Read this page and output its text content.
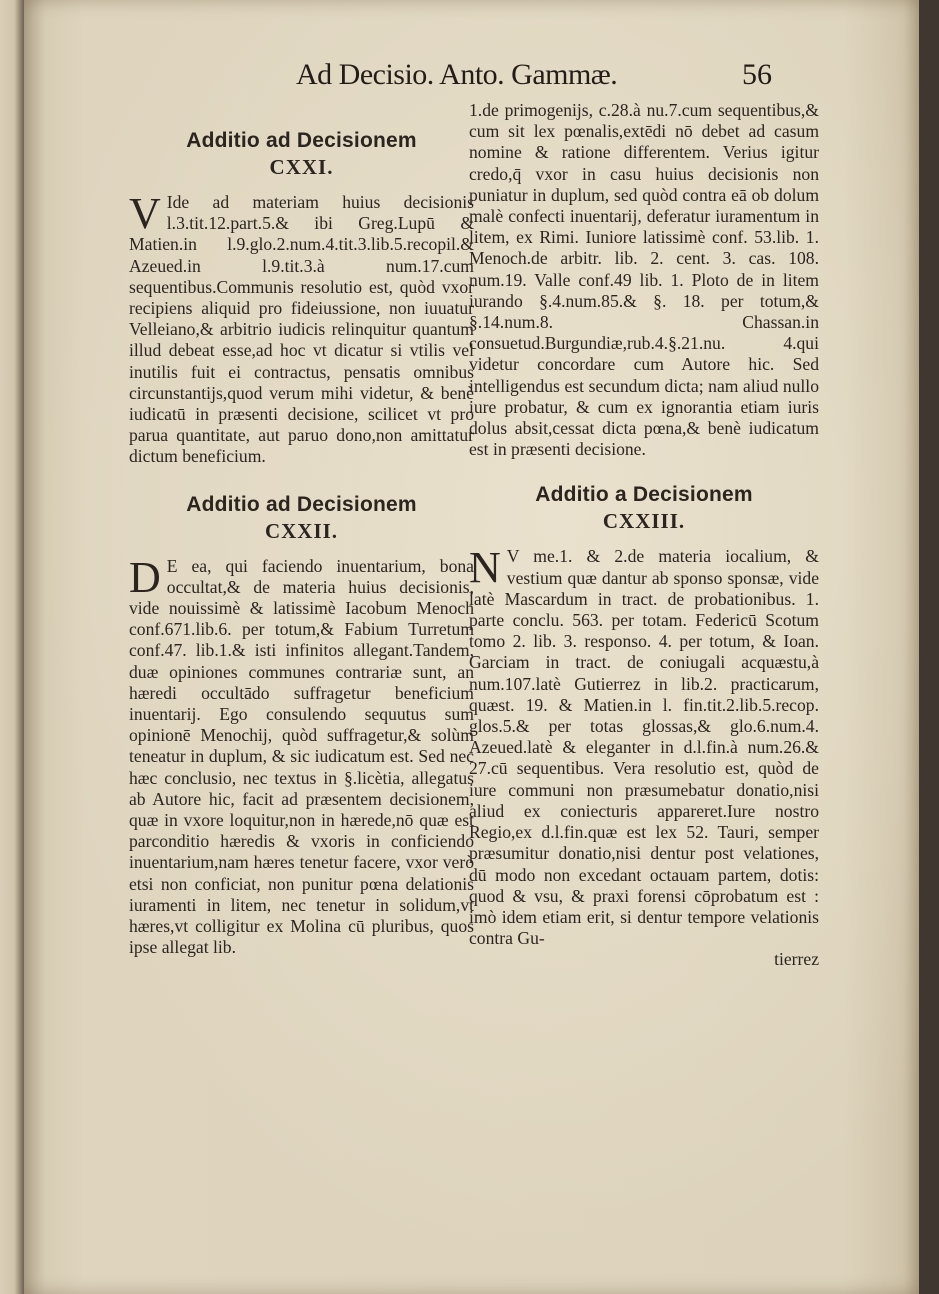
Ad Decisio. Anto. Gammæ.	56
Additio ad Decisionem
CXXI.

V Ide ad materiam huius decisionis l.3.tit.12.part.5.& ibi Greg.Lupū & Matien.in l.9.glo.2.num.4.tit.3.lib.5.recopil.& Azeued.in l.9.tit.3.à num.17.cum sequentibus.Communis resolutio est, quòd vxor recipiens aliquid pro fideiussione, non iuuatur Velleiano,& arbitrio iudicis relinquitur quantum illud debeat esse,ad hoc vt dicatur si vtilis vel inutilis fuit ei contractus, pensatis omnibus circunstantijs,quod verum mihi videtur, & benè iudicatū in præsenti decisione, scilicet vt pro parua quantitate, aut paruo dono,non amittatur dictum beneficium.

Additio ad Decisionem
CXXII.

D E ea, qui faciendo inuentarium, bona occultat,& de materia huius decisionis, vide nouissimè & latissimè Iacobum Menoch conf.671.lib.6. per totum,& Fabium Turretum conf.47. lib.1.& isti infinitos allegant.Tandem, duæ opiniones communes contrariæ sunt, an hæredi occultādo suffragetur beneficium inuentarij. Ego consulendo sequutus sum opinionē Menochij, quòd suffragetur,& solùm teneatur in duplum, & sic iudicatum est. Sed nec hæc conclusio, nec textus in §.licètia, allegatus ab Autore hic, facit ad præsentem decisionem, quæ in vxore loquitur,non in hærede,nō quæ est parconditio hæredis & vxoris in conficiendo inuentarium,nam hæres tenetur facere, vxor verò etsi non conficiat, non punitur pœna delationis iuramenti in litem, nec tenetur in solidum,vt hæres,vt colligitur ex Molina cū pluribus, quos ipse allegat lib.

1.de primogenijs, c.28.à nu.7.cum sequentibus,& cum sit lex pœnalis,extēdi nō debet ad casum nomine & ratione differentem. Verius igitur credo,q̄ vxor in casu huius decisionis non puniatur in duplum, sed quòd contra eā ob dolum malè confecti inuentarij, deferatur iuramentum in litem, ex Rimi. Iuniore latissimè conf. 53.lib. 1. Menoch.de arbitr. lib. 2. cent. 3. cas. 108. num.19. Valle conf.49 lib. 1. Ploto de in litem iurando §.4.num.85.& §. 18. per totum,& §.14.num.8. Chassan.in consuetud.Burgundiæ,rub.4.§.21.nu. 4.qui videtur concordare cum Autore hic. Sed intelligendus est secundum dicta; nam aliud nullo iure probatur, & cum ex ignorantia etiam iuris dolus absit,cessat dicta pœna,& benè iudicatum est in præsenti decisione.

Additio a Decisionem
CXXIII.

N V me.1. & 2.de materia iocalium, & vestium quæ dantur ab sponso sponsæ, vide latè Mascardum in tract. de probationibus. 1. parte conclu. 563. per totam. Federicū Scotum tomo 2. lib. 3. responso. 4. per totum, & Ioan. Garciam in tract. de coniugali acquæstu,à num.107.latè Gutierrez in lib.2. practicarum, quæst. 19. & Matien.in l. fin.tit.2.lib.5.recop. glos.5.& per totas glossas,& glo.6.num.4. Azeued.latè & eleganter in d.l.fin.à num.26.& 27.cū sequentibus. Vera resolutio est, quòd de iure communi non præsumebatur donatio,nisi aliud ex coniecturis appareret.Iure nostro Regio,ex d.l.fin.quæ est lex 52. Tauri, semper præsumitur donatio,nisi dentur post velationes, dū modo non excedant octauam partem, dotis: quod & vsu, & praxi forensi cōprobatum est : imò idem etiam erit, si dentur tempore velationis contra Gu-

tierrez
